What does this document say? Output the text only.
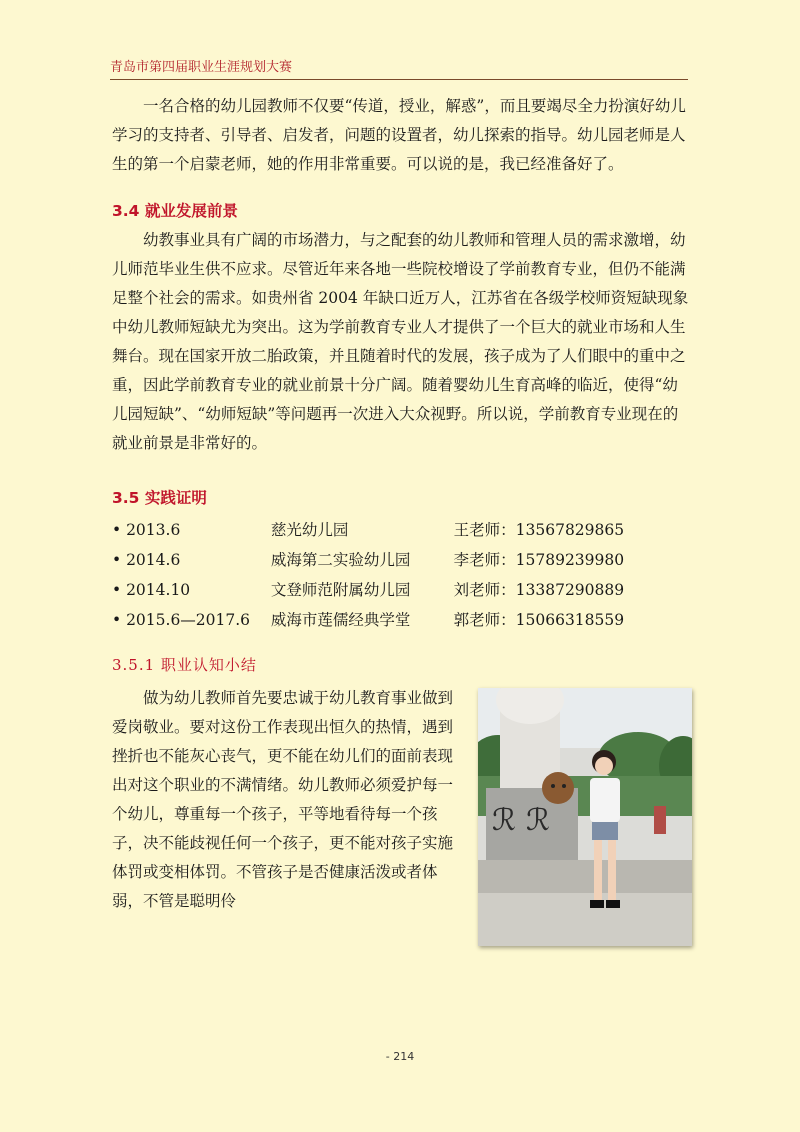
青岛市第四届职业生涯规划大赛

一名合格的幼儿园教师不仅要“传道，授业，解惑”，而且要竭尽全力扮演好幼儿学习的支持者、引导者、启发者，问题的设置者，幼儿探索的指导。幼儿园老师是人生的第一个启蒙老师，她的作用非常重要。可以说的是，我已经准备好了。

3.4 就业发展前景

幼教事业具有广阔的市场潜力，与之配套的幼儿教师和管理人员的需求激增，幼儿师范毕业生供不应求。尽管近年来各地一些院校增设了学前教育专业，但仍不能满足整个社会的需求。如贵州省 2004 年缺口近万人，江苏省在各级学校师资短缺现象中幼儿教师短缺尤为突出。这为学前教育专业人才提供了一个巨大的就业市场和人生舞台。现在国家开放二胎政策，并且随着时代的发展，孩子成为了人们眼中的重中之重，因此学前教育专业的就业前景十分广阔。随着婴幼儿生育高峰的临近，使得“幼儿园短缺”、“幼师短缺”等问题再一次进入大众视野。所以说，学前教育专业现在的就业前景是非常好的。

3.5 实践证明
• 2013.6	慈光幼儿园	王老师：13567829865
• 2014.6	威海第二实验幼儿园	李老师：15789239980
• 2014.10	文登师范附属幼儿园	刘老师：13387290889
• 2015.6—2017.6	威海市莲儒经典学堂	郭老师：15066318559
3.5.1 职业认知小结
ℛ ℛ

做为幼儿教师首先要忠诚于幼儿教育事业做到爱岗敬业。要对这份工作表现出恒久的热情，遇到挫折也不能灰心丧气，更不能在幼儿们的面前表现出对这个职业的不满情绪。幼儿教师必须爱护每一个幼儿，尊重每一个孩子，平等地看待每一个孩子，决不能歧视任何一个孩子，更不能对孩子实施体罚或变相体罚。不管孩子是否健康活泼或者体弱，不管是聪明伶

- 214
